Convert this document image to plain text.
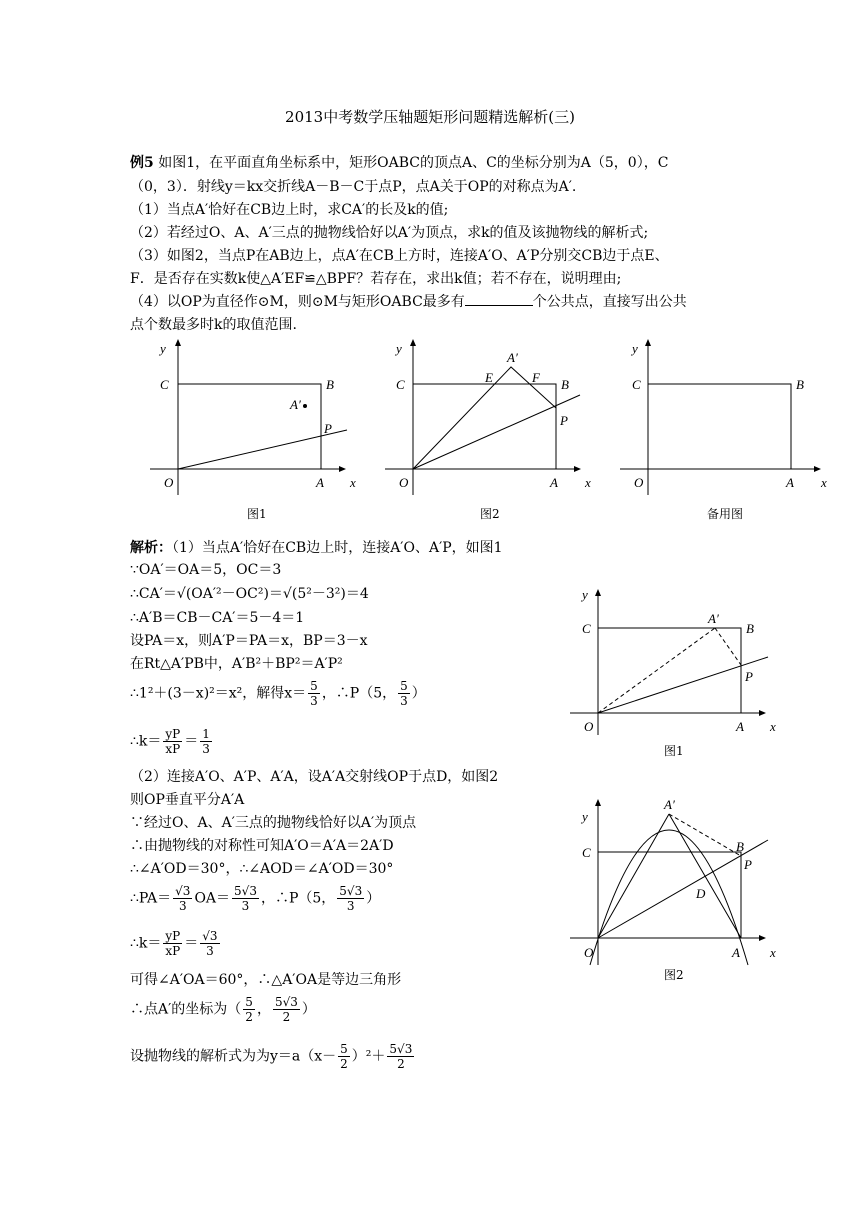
2013中考数学压轴题矩形问题精选解析(三)
例5 如图1，在平面直角坐标系中，矩形OABC的顶点A、C的坐标分别为A（5，0），C
（0，3）．射线y＝kx交折线A－B－C于点P，点A关于OP的对称点为A′.
（1）当点A′恰好在CB边上时，求CA′的长及k的值;
（2）若经过O、A、A′三点的抛物线恰好以A′为顶点，求k的值及该抛物线的解析式;
（3）如图2，当点P在AB边上，点A′在CB上方时，连接A′O、A′P分别交CB边于点E、
F．是否存在实数k使△A′EF≌△BPF？若存在，求出k值；若不存在，说明理由;
（4）以OP为直径作⊙M，则⊙M与矩形OABC最多有	个公共点，直接写出公共
点个数最多时k的取值范围.
y
C	B
A′
P
O	A x
y
C	B
A′
E	F
P
O	A x
y
C	B
O	A x
图1	图2	备用图
解析：（1）当点A′恰好在CB边上时，连接A′O、A′P，如图1
∵OA′＝OA＝5，OC＝3
∴CA′＝√(OA′²－OC²)＝√(5²－3²)＝4
∴A′B＝CB－CA′＝5－4＝1
设PA＝x，则A′P＝PA＝x，BP＝3－x
在Rt△A′PB中，A′B²＋BP²＝A′P²
∴1²＋(3－x)²＝x²，解得$x= \frac{5}{3}$ ，∴P（5， $\frac{5}{3}$ ）
∴k＝ $\frac{yP}{xP} = \frac{1}{3}$
（2）连接A′O、A′P、A′A，设A′A交射线OP于点D，如图2
则OP垂直平分A′A
∵经过O、A、A′三点的抛物线恰好以A′为顶点
∴由抛物线的对称性可知A′O＝A′A＝2A′D
∴∠A′OD＝30°，∴∠AOD＝∠A′OD＝30°
∴PA＝ $\frac{√3}{3} OA= \frac{5√3}{3}$ ，∴P（5， $\frac{5√3}{3}$ ）
∴k＝ $\frac{yP}{xP} = \frac{√3}{3}$
可得∠A′OA＝60°，∴△A′OA是等边三角形
∴点A′的坐标为（ $\frac{5}{2}$ ， $\frac{5√3}{2}$ ）
设抛物线的解析式为为$y=a(x- \frac{5}{2} )^2+ \frac{5√3}{2}$
y
C	B
A′
P
O	A x
图1
y
C	B
A′
P
D
O	A x
图2
